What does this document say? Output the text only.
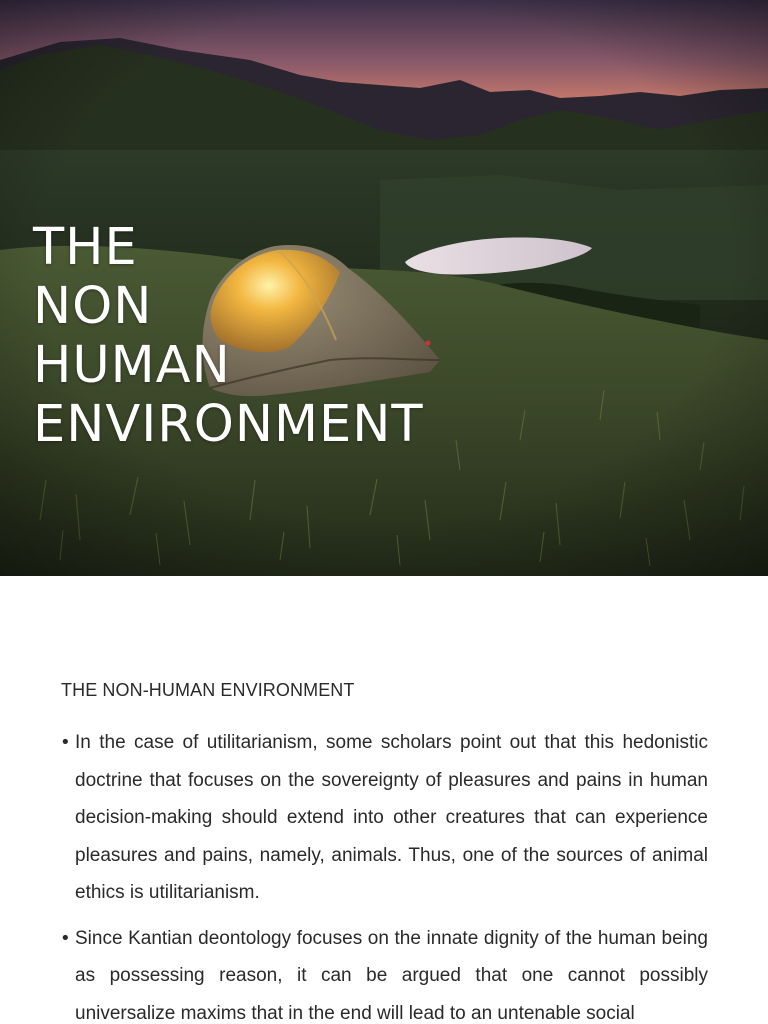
THE
NON
HUMAN
ENVIRONMENT
THE NON-HUMAN ENVIRONMENT
• In the case of utilitarianism, some scholars point out that this hedonistic doctrine that focuses on the sovereignty of pleasures and pains in human decision-making should extend into other creatures that can experience pleasures and pains, namely, animals. Thus, one of the sources of animal ethics is utilitarianism.
• Since Kantian deontology focuses on the innate dignity of the human being as possessing reason, it can be argued that one cannot possibly universalize maxims that in the end will lead to an untenable social
